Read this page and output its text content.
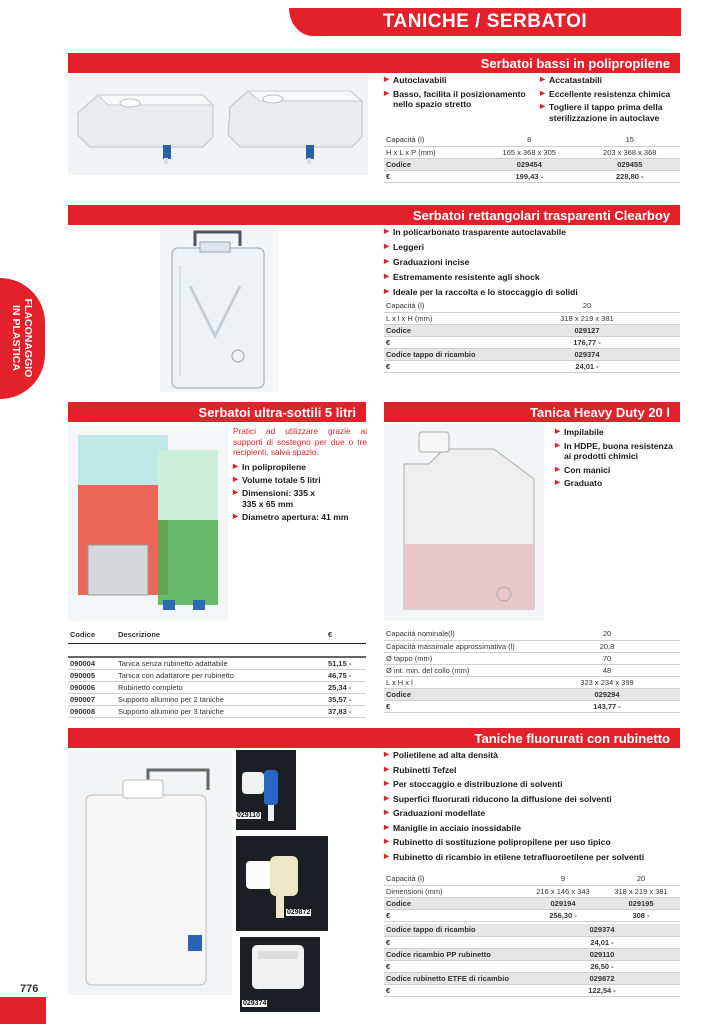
TANICHE / SERBATOI
FLACONAGGIO
IN PLASTICA
Serbatoi bassi in polipropilene
▶ Autoclavabili
▶ Basso, facilita il posizionamento nello spazio stretto
▶ Accatastabili
▶ Eccellente resistenza chimica
▶ Togliere il tappo prima della sterilizzazione in autoclave
Capacità (l)	8	15
H x L x P (mm)	165 x 368 x 305	203 x 368 x 368
Codice	029454	029455
€	199,43 -	228,80 -
Serbatoi rettangolari trasparenti Clearboy
▶ In policarbonato trasparente autoclavabile
▶ Leggeri
▶ Graduazioni incise
▶ Estremamente resistente agli shock
▶ Ideale per la raccolta e lo stoccaggio di solidi
Capacità (l)	20
L x l x H (mm)	318 x 219 x 381
Codice	029127
€	176,77 -
Codice tappo di ricambio	029374
€	24,01 -
Serbatoi ultra-sottili 5 litri
Pratici ad utilizzare grazie ai supporti di sostegno per due o tre recipienti. salva spazio.
▶ In polipropilene
▶ Volume totale 5 litri
▶ Dimensioni: 335 x 335 x 65 mm
▶ Diametro apertura: 41 mm
Codice	Descrizione	€

090004	Tanica senza rubinetto adattabile	51,15 -
090005	Tanica con adattatore per rubinetto	46,75 -
090006	Rubinetto completo	25,34 -
090007	Supporto allumino per 2 taniche	35,57 -
090008	Supporto allumino per 3 taniche	37,83 -
Tanica Heavy Duty 20 l
▶ Impilabile
▶ In HDPE, buona resistenza ai prodotti chimici
▶ Con manici
▶ Graduato
Capacità nominale(l)	20
Capacità massimale approssimativa (l)	20,8
Ø tappo (mm)	70
Ø int. min. del collo (mm)	48
L x H x l	323 x 234 x 399
Codice	029294
€	143,77 -
Taniche fluorurati con rubinetto
029110
029872
029374
▶ Polietilene ad alta densità
▶ Rubinetti Tefzel
▶ Per stoccaggio e distribuzione di solventi
▶ Superfici fluorurati riducono la diffusione dei solventi
▶ Graduazioni modellate
▶ Maniglie in acciaio inossidabile
▶ Rubinetto di sostituzione polipropilene per uso tipico
▶ Rubinetto di ricambio in etilene tetrafluoroetilene per solventi
Capacità (l)	9	20
Dimensioni (mm)	216 x 146 x 343	318 x 219 x 381
Codice	029194	029195
€	256,30 -	308 -
Codice tappo di ricambio	029374
€	24,01 -
Codice ricambio PP rubinetto	029110
€	26,50 -
Codice rubinetto ETFE di ricambio	029872
€	122,54 -
776
